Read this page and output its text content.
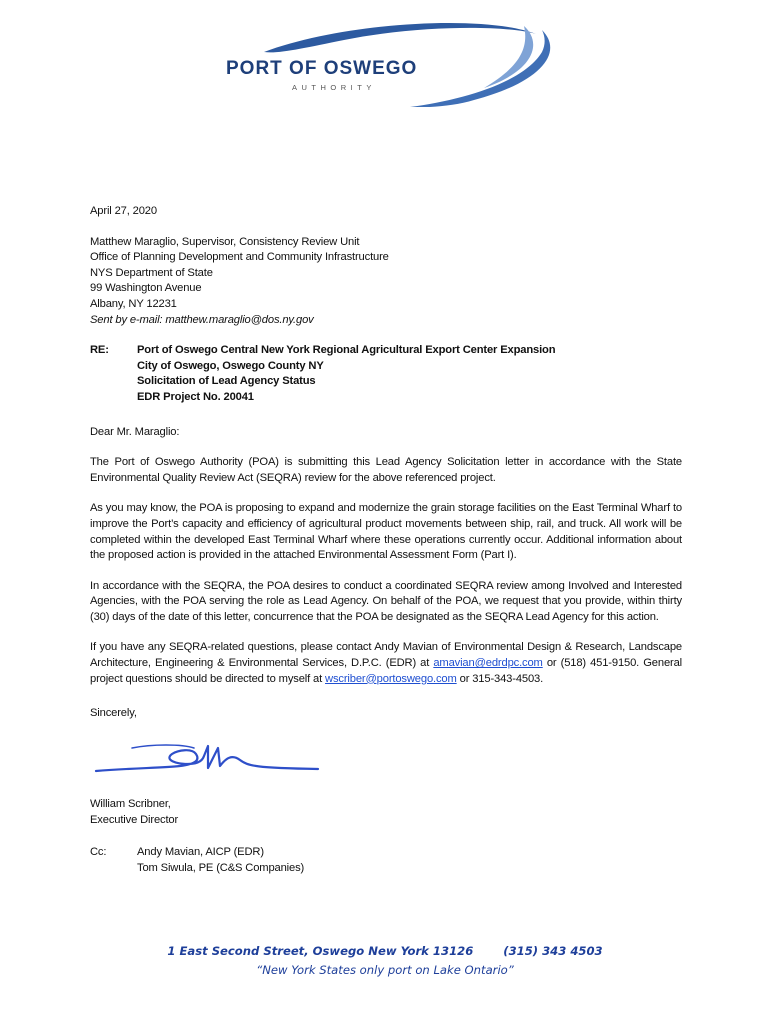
PORT OF OSWEGO
AUTHORITY
April 27, 2020
Matthew Maraglio, Supervisor, Consistency Review Unit
Office of Planning Development and Community Infrastructure
NYS Department of State
99 Washington Avenue
Albany, NY 12231
Sent by e-mail: matthew.maraglio@dos.ny.gov
RE:	Port of Oswego Central New York Regional Agricultural Export Center Expansion
City of Oswego, Oswego County NY
Solicitation of Lead Agency Status
EDR Project No. 20041
Dear Mr. Maraglio:

The Port of Oswego Authority (POA) is submitting this Lead Agency Solicitation letter in accordance with the State Environmental Quality Review Act (SEQRA) review for the above referenced project.

As you may know, the POA is proposing to expand and modernize the grain storage facilities on the East Terminal Wharf to improve the Port’s capacity and efficiency of agricultural product movements between ship, rail, and truck. All work will be completed within the developed East Terminal Wharf where these operations currently occur. Additional information about the proposed action is provided in the attached Environmental Assessment Form (Part I).

In accordance with the SEQRA, the POA desires to conduct a coordinated SEQRA review among Involved and Interested Agencies, with the POA serving the role as Lead Agency. On behalf of the POA, we request that you provide, within thirty (30) days of the date of this letter, concurrence that the POA be designated as the SEQRA Lead Agency for this action.

If you have any SEQRA-related questions, please contact Andy Mavian of Environmental Design & Research, Landscape Architecture, Engineering & Environmental Services, D.P.C. (EDR) at amavian@edrdpc.com or (518) 451-9150. General project questions should be directed to myself at wscriber@portoswego.com or 315-343-4503.

Sincerely,
William Scribner,
Executive Director
Cc:	Andy Mavian, AICP (EDR)
Tom Siwula, PE (C&S Companies)
1 East Second Street, Oswego New York 13126	(315) 343 4503
“New York States only port on Lake Ontario”
